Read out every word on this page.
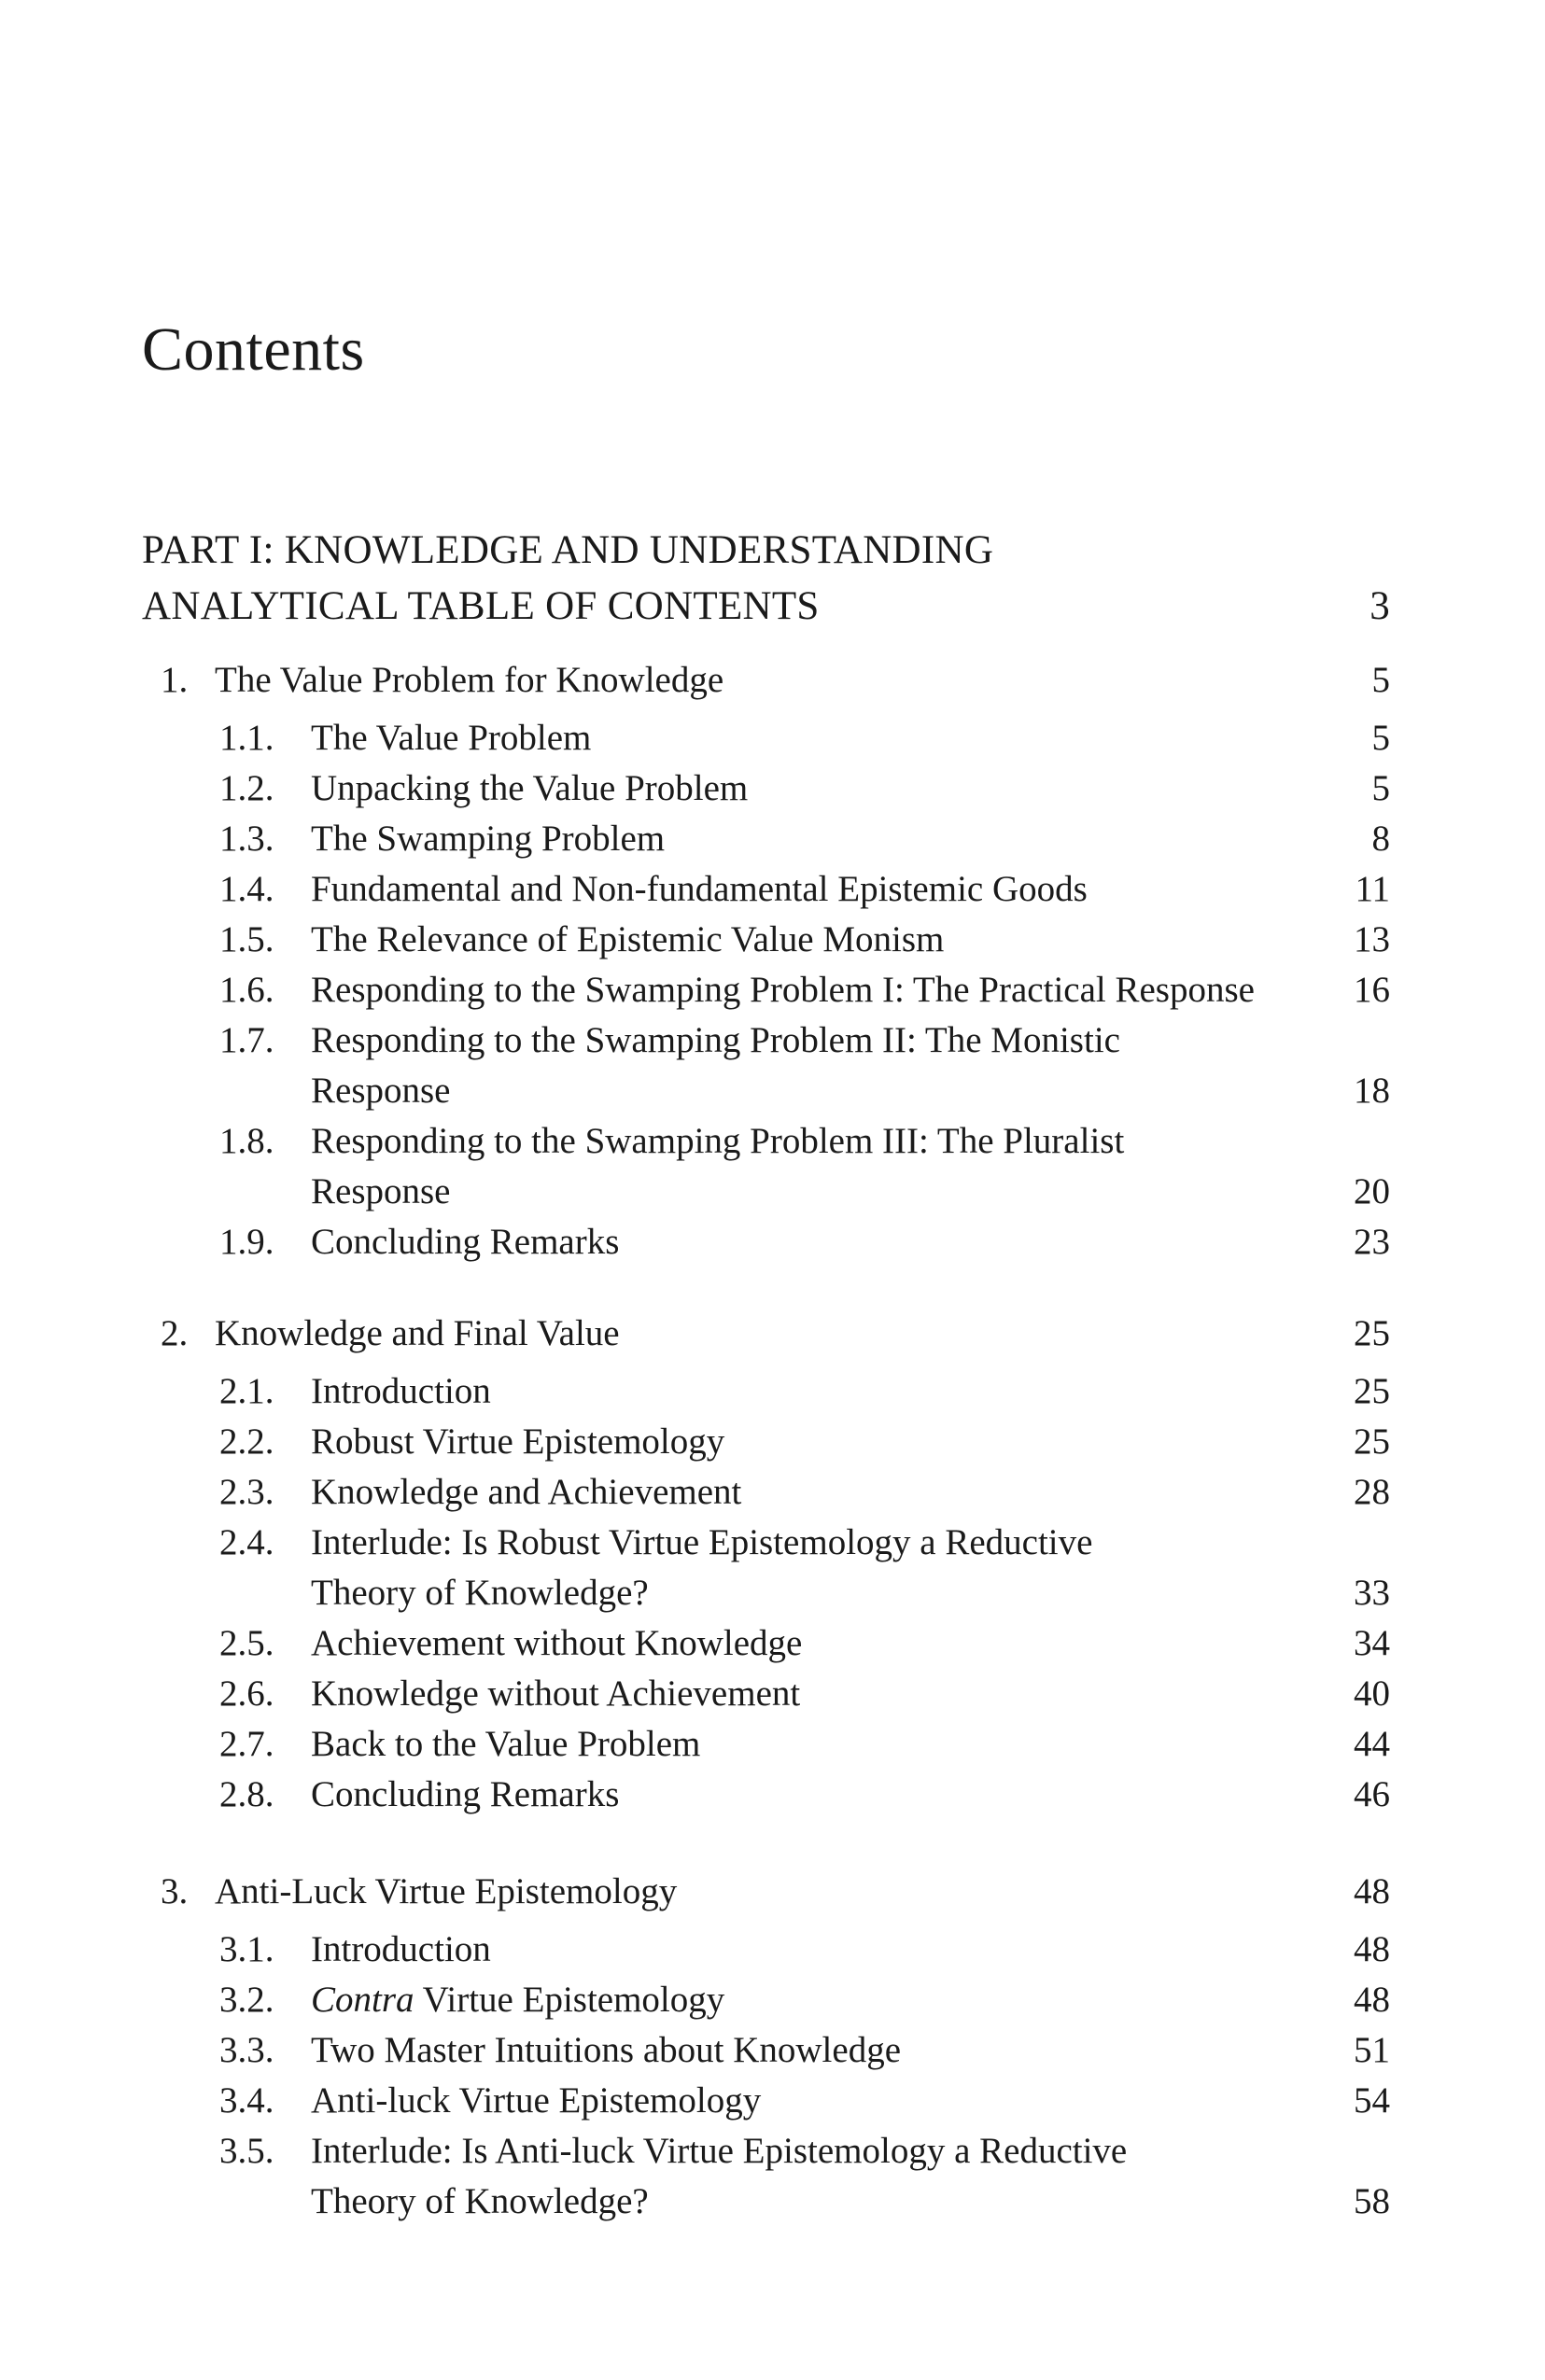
Contents
PART I: KNOWLEDGE AND UNDERSTANDING
ANALYTICAL TABLE OF CONTENTS	3
1. The Value Problem for Knowledge	5
1.1. The Value Problem	5
1.2. Unpacking the Value Problem	5
1.3. The Swamping Problem	8
1.4. Fundamental and Non-fundamental Epistemic Goods	11
1.5. The Relevance of Epistemic Value Monism	13
1.6. Responding to the Swamping Problem I: The Practical Response	16
1.7. Responding to the Swamping Problem II: The Monistic
Response	18
1.8. Responding to the Swamping Problem III: The Pluralist
Response	20
1.9. Concluding Remarks	23
2. Knowledge and Final Value	25
2.1. Introduction	25
2.2. Robust Virtue Epistemology	25
2.3. Knowledge and Achievement	28
2.4. Interlude: Is Robust Virtue Epistemology a Reductive
Theory of Knowledge?	33
2.5. Achievement without Knowledge	34
2.6. Knowledge without Achievement	40
2.7. Back to the Value Problem	44
2.8. Concluding Remarks	46
3. Anti-Luck Virtue Epistemology	48
3.1. Introduction	48
3.2. Contra Virtue Epistemology	48
3.3. Two Master Intuitions about Knowledge	51
3.4. Anti-luck Virtue Epistemology	54
3.5. Interlude: Is Anti-luck Virtue Epistemology a Reductive
Theory of Knowledge?	58
